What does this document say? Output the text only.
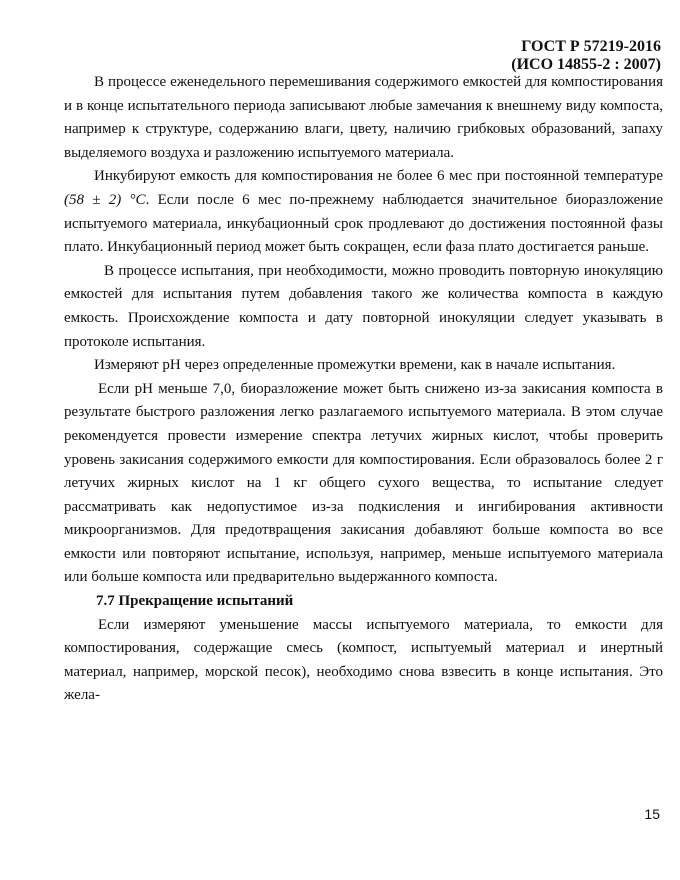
ГОСТ Р 57219-2016
(ИСО 14855-2 : 2007)

В процессе еженедельного перемешивания содержимого емкостей для компостирования и в конце испытательного периода записывают любые замечания к внешнему виду компоста, например к структуре, содержанию влаги, цвету, наличию грибковых образований, запаху выделяемого воздуха и разложению испытуемого материала.

Инкубируют емкость для компостирования не более 6 мес при постоянной температуре (58 ± 2) °С. Если после 6 мес по-прежнему наблюдается значительное биоразложение испытуемого материала, инкубационный срок продлевают до достижения постоянной фазы плато. Инкубационный период может быть сокращен, если фаза плато достигается раньше.

В процессе испытания, при необходимости, можно проводить повторную инокуляцию емкостей для испытания путем добавления такого же количества компоста в каждую емкость. Происхождение компоста и дату повторной инокуляции следует указывать в протоколе испытания.

Измеряют рН через определенные промежутки времени, как в начале испытания.

Если рН меньше 7,0, биоразложение может быть снижено из-за закисания компоста в результате быстрого разложения легко разлагаемого испытуемого материала. В этом случае рекомендуется провести измерение спектра летучих жирных кислот, чтобы проверить уровень закисания содержимого емкости для компостирования. Если образовалось более 2 г летучих жирных кислот на 1 кг общего сухого вещества, то испытание следует рассматривать как недопустимое из-за подкисления и ингибирования активности микроорганизмов. Для предотвращения закисания добавляют больше компоста во все емкости или повторяют испытание, используя, например, меньше испытуемого материала или больше компоста или предварительно выдержанного компоста.

7.7 Прекращение испытаний

Если измеряют уменьшение массы испытуемого материала, то емкости для компостирования, содержащие смесь (компост, испытуемый материал и инертный материал, например, морской песок), необходимо снова взвесить в конце испытания. Это жела-

15
